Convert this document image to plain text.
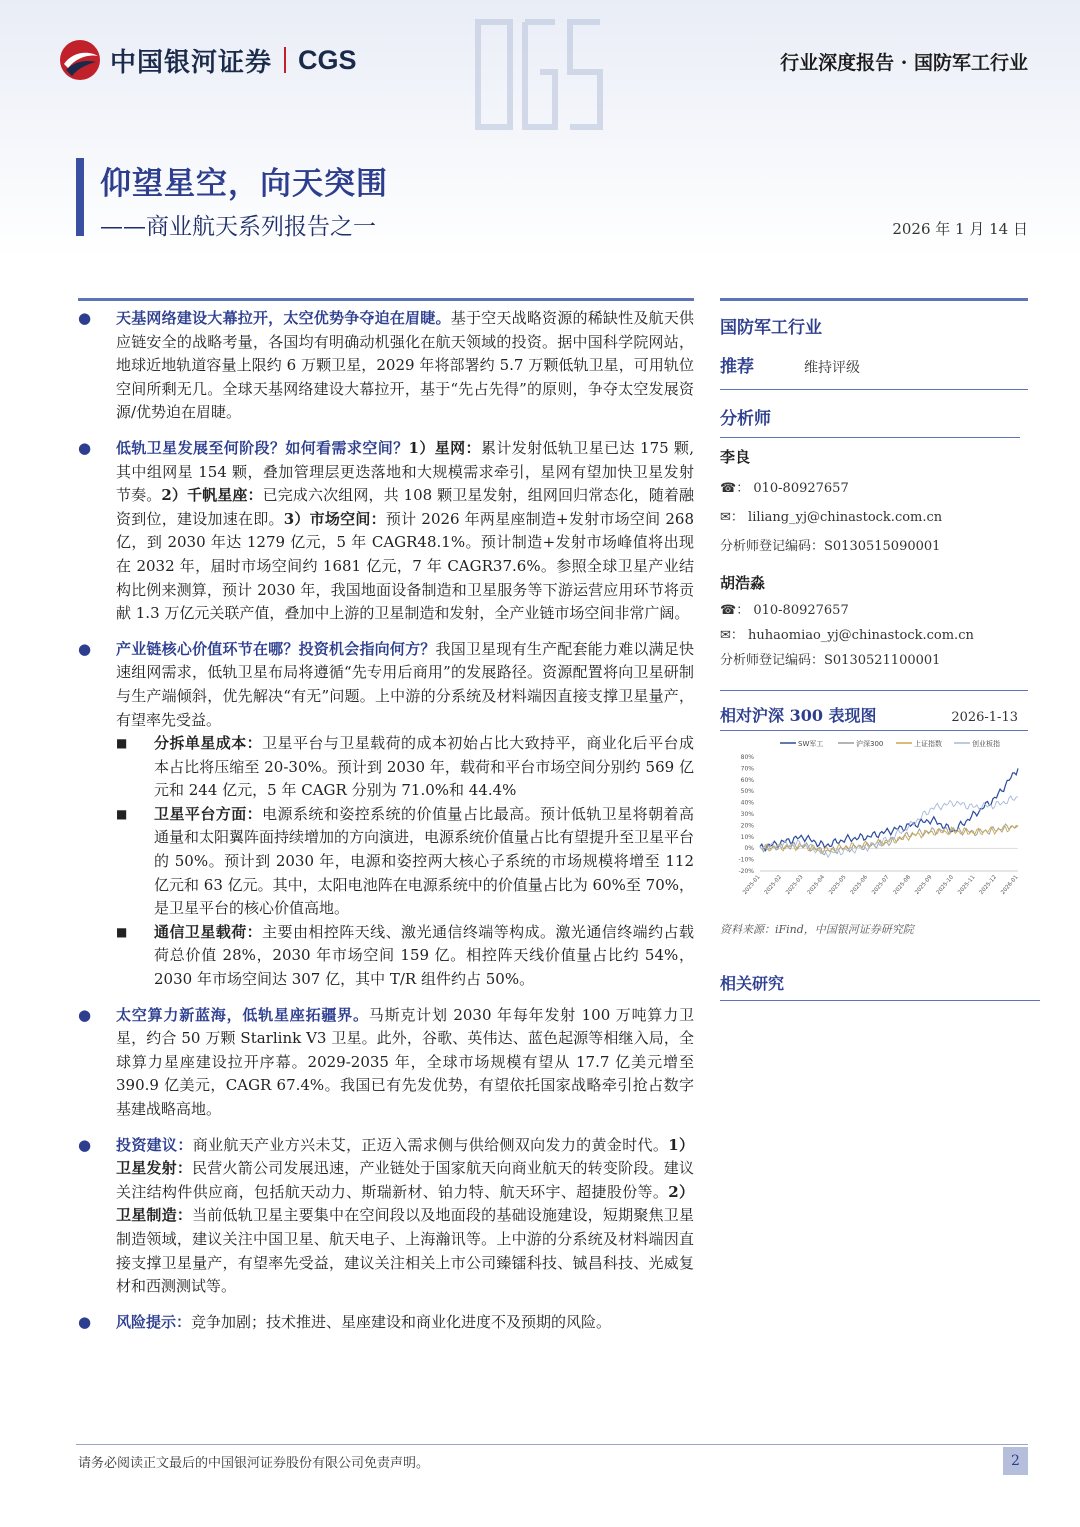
中国银河证券 CGS	行业深度报告 · 国防军工行业
仰望星空，向天突围
——商业航天系列报告之一	2026 年 1 月 14 日
● 天基网络建设大幕拉开，太空优势争夺迫在眉睫。基于空天战略资源的稀缺性及航天供应链安全的战略考量，各国均有明确动机强化在航天领域的投资。据中国科学院网站，地球近地轨道容量上限约 6 万颗卫星，2029 年将部署约 5.7 万颗低轨卫星，可用轨位空间所剩无几。全球天基网络建设大幕拉开，基于“先占先得”的原则，争夺太空发展资源/优势迫在眉睫。
● 低轨卫星发展至何阶段？如何看需求空间？1）星网：累计发射低轨卫星已达 175 颗,其中组网星 154 颗，叠加管理层更迭落地和大规模需求牵引，星网有望加快卫星发射节奏。2）千帆星座：已完成六次组网，共 108 颗卫星发射，组网回归常态化，随着融资到位，建设加速在即。3）市场空间：预计 2026 年两星座制造+发射市场空间 268 亿，到 2030 年达 1279 亿元，5 年 CAGR48.1%。预计制造+发射市场峰值将出现在 2032 年，届时市场空间约 1681 亿元，7 年 CAGR37.6%。参照全球卫星产业结构比例来测算，预计 2030 年，我国地面设备制造和卫星服务等下游运营应用环节将贡献 1.3 万亿元关联产值，叠加中上游的卫星制造和发射，全产业链市场空间非常广阔。
● 产业链核心价值环节在哪？投资机会指向何方？我国卫星现有生产配套能力难以满足快速组网需求，低轨卫星布局将遵循“先专用后商用”的发展路径。资源配置将向卫星研制与生产端倾斜，优先解决“有无”问题。上中游的分系统及材料端因直接支撑卫星量产，有望率先受益。
■ 分拆单星成本：卫星平台与卫星载荷的成本初始占比大致持平，商业化后平台成本占比将压缩至 20-30%。预计到 2030 年，载荷和平台市场空间分别约 569 亿元和 244 亿元，5 年 CAGR 分别为 71.0%和 44.4%
■ 卫星平台方面：电源系统和姿控系统的价值量占比最高。预计低轨卫星将朝着高通量和太阳翼阵面持续增加的方向演进，电源系统价值量占比有望提升至卫星平台的 50%。预计到 2030 年，电源和姿控两大核心子系统的市场规模将增至 112 亿元和 63 亿元。其中，太阳电池阵在电源系统中的价值量占比为 60%至 70%，是卫星平台的核心价值高地。
■ 通信卫星载荷：主要由相控阵天线、激光通信终端等构成。激光通信终端约占载荷总价值 28%，2030 年市场空间 159 亿。相控阵天线价值量占比约 54%，2030 年市场空间达 307 亿，其中 T/R 组件约占 50%。
● 太空算力新蓝海，低轨星座拓疆界。马斯克计划 2030 年每年发射 100 万吨算力卫星，约合 50 万颗 Starlink V3 卫星。此外，谷歌、英伟达、蓝色起源等相继入局，全球算力星座建设拉开序幕。2029-2035 年，全球市场规模有望从 17.7 亿美元增至 390.9 亿美元，CAGR 67.4%。我国已有先发优势，有望依托国家战略牵引抢占数字基建战略高地。
● 投资建议：商业航天产业方兴未艾，正迈入需求侧与供给侧双向发力的黄金时代。1）卫星发射：民营火箭公司发展迅速，产业链处于国家航天向商业航天的转变阶段。建议关注结构件供应商，包括航天动力、斯瑞新材、铂力特、航天环宇、超捷股份等。2）卫星制造：当前低轨卫星主要集中在空间段以及地面段的基础设施建设，短期聚焦卫星制造领域，建议关注中国卫星、航天电子、上海瀚讯等。上中游的分系统及材料端因直接支撑卫星量产，有望率先受益，建议关注相关上市公司臻镭科技、铖昌科技、光威复材和西测测试等。
● 风险提示：竞争加剧；技术推进、星座建设和商业化进度不及预期的风险。
国防军工行业
推荐	维持评级
分析师
李良
☎： 010-80927657
✉： liliang_yj@chinastock.com.cn
分析师登记编码：S0130515090001
胡浩淼
☎： 010-80927657
✉： huhaomiao_yj@chinastock.com.cn
分析师登记编码：S0130521100001
相对沪深 300 表现图	2026-1-13
SW军工	沪深300	上证指数	创业板指
80%
70%
60%
50%
40%
30%
20%
10%
0%
-10%
-20%
2025-01 2025-02 2025-03 2025-04 2025-05 2025-06 2025-07 2025-08 2025-09 2025-10 2025-11 2025-12 2026-01
资料来源：iFind，中国银河证券研究院
相关研究
请务必阅读正文最后的中国银河证券股份有限公司免责声明。	2
